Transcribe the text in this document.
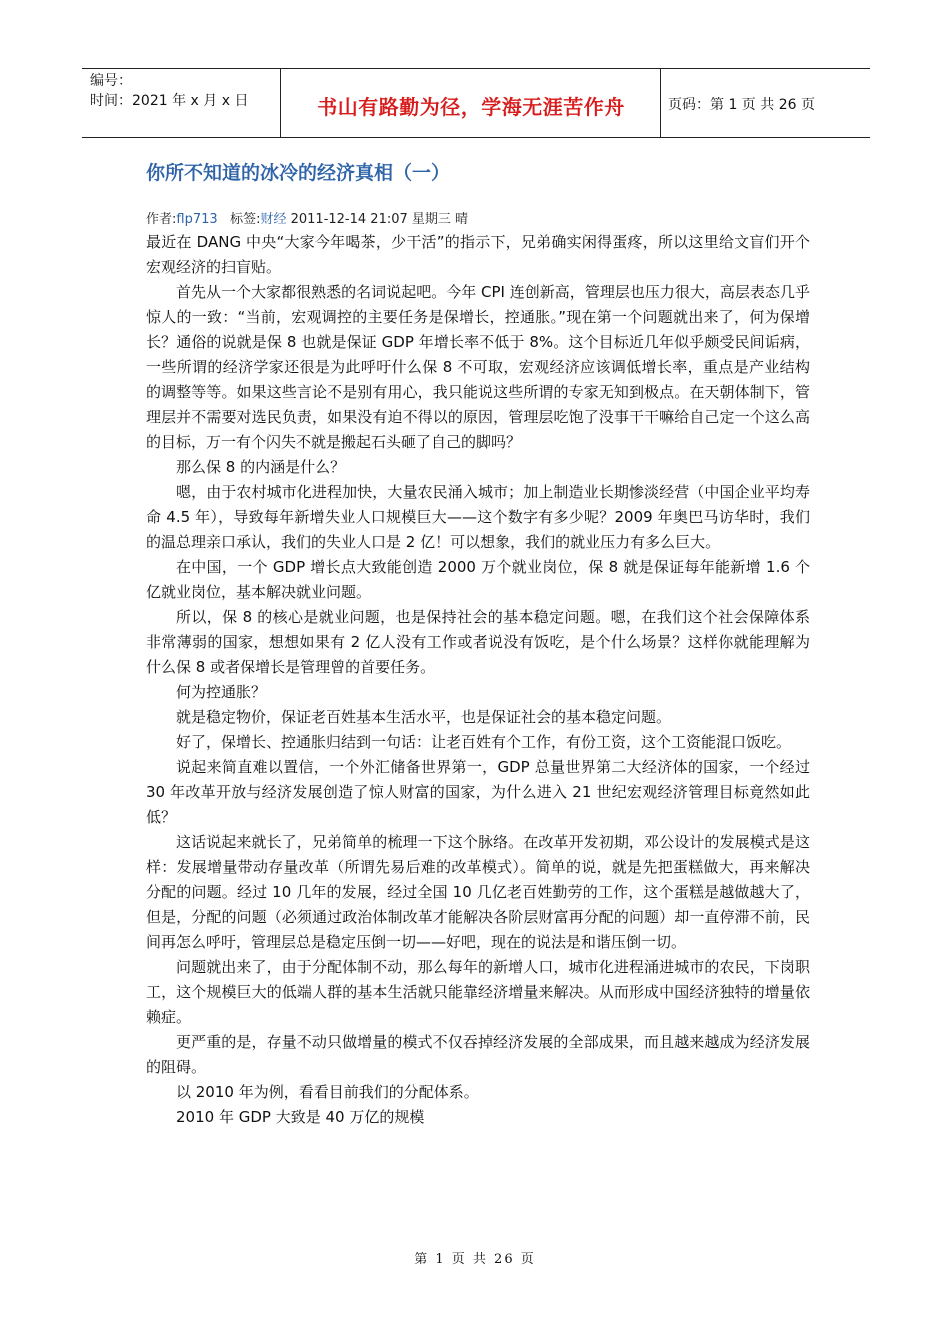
编号：
时间：2021 年 x 月 x 日	书山有路勤为径，学海无涯苦作舟	页码：第 1 页 共 26 页
你所不知道的冰冷的经济真相（一）
作者:flp713 标签:财经 2011-12-14 21:07 星期三 晴

最近在 DANG 中央“大家今年喝茶，少干活”的指示下，兄弟确实闲得蛋疼，所以这里给文盲们开个宏观经济的扫盲贴。

首先从一个大家都很熟悉的名词说起吧。今年 CPI 连创新高，管理层也压力很大，高层表态几乎惊人的一致：“当前，宏观调控的主要任务是保增长，控通胀。”现在第一个问题就出来了，何为保增长？通俗的说就是保 8 也就是保证 GDP 年增长率不低于 8%。这个目标近几年似乎颇受民间诟病，一些所谓的经济学家还很是为此呼吁什么保 8 不可取，宏观经济应该调低增长率，重点是产业结构的调整等等。如果这些言论不是别有用心，我只能说这些所谓的专家无知到极点。在天朝体制下，管理层并不需要对选民负责，如果没有迫不得以的原因，管理层吃饱了没事干干嘛给自己定一个这么高的目标，万一有个闪失不就是搬起石头砸了自己的脚吗？

那么保 8 的内涵是什么？

嗯，由于农村城市化进程加快，大量农民涌入城市；加上制造业长期惨淡经营（中国企业平均寿命 4.5 年），导致每年新增失业人口规模巨大——这个数字有多少呢？2009 年奥巴马访华时，我们的温总理亲口承认，我们的失业人口是 2 亿！可以想象，我们的就业压力有多么巨大。

在中国，一个 GDP 增长点大致能创造 2000 万个就业岗位，保 8 就是保证每年能新增 1.6 个亿就业岗位，基本解决就业问题。

所以，保 8 的核心是就业问题，也是保持社会的基本稳定问题。嗯，在我们这个社会保障体系非常薄弱的国家，想想如果有 2 亿人没有工作或者说没有饭吃，是个什么场景？这样你就能理解为什么保 8 或者保增长是管理曾的首要任务。

何为控通胀？

就是稳定物价，保证老百姓基本生活水平，也是保证社会的基本稳定问题。

好了，保增长、控通胀归结到一句话：让老百姓有个工作，有份工资，这个工资能混口饭吃。

说起来简直难以置信，一个外汇储备世界第一，GDP 总量世界第二大经济体的国家，一个经过 30 年改革开放与经济发展创造了惊人财富的国家，为什么进入 21 世纪宏观经济管理目标竟然如此低？

这话说起来就长了，兄弟简单的梳理一下这个脉络。在改革开发初期，邓公设计的发展模式是这样：发展增量带动存量改革（所谓先易后难的改革模式）。简单的说，就是先把蛋糕做大，再来解决分配的问题。经过 10 几年的发展，经过全国 10 几亿老百姓勤劳的工作，这个蛋糕是越做越大了，但是，分配的问题（必须通过政治体制改革才能解决各阶层财富再分配的问题）却一直停滞不前，民间再怎么呼吁，管理层总是稳定压倒一切——好吧，现在的说法是和谐压倒一切。

问题就出来了，由于分配体制不动，那么每年的新增人口，城市化进程涌进城市的农民，下岗职工，这个规模巨大的低端人群的基本生活就只能靠经济增量来解决。从而形成中国经济独特的增量依赖症。

更严重的是，存量不动只做增量的模式不仅吞掉经济发展的全部成果，而且越来越成为经济发展的阻碍。

以 2010 年为例，看看目前我们的分配体系。

2010 年 GDP 大致是 40 万亿的规模

第 1 页 共 26 页
